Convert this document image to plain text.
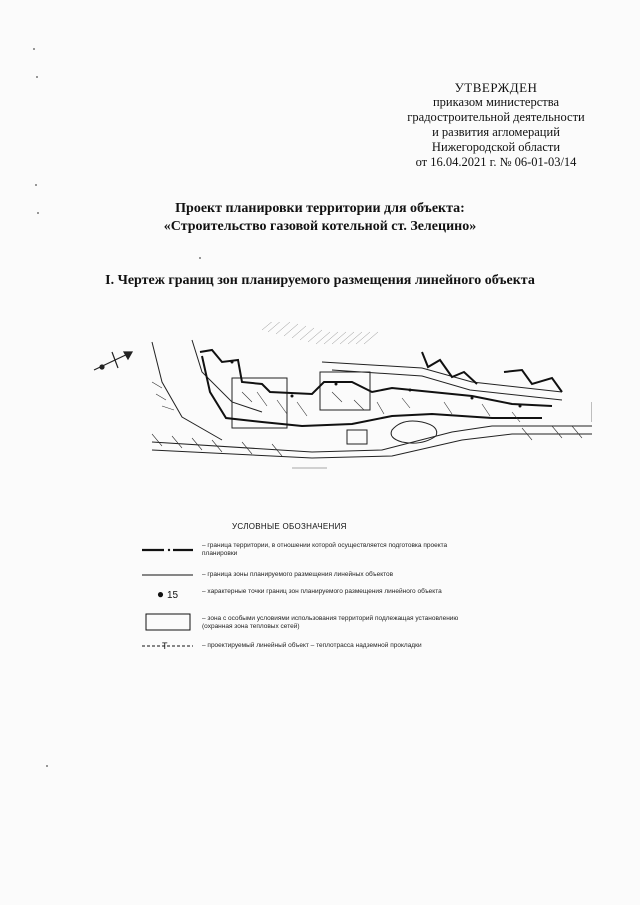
УТВЕРЖДЕН
приказом министерства
градостроительной деятельности
и развития агломераций
Нижегородской области
от 16.04.2021 г. № 06-01-03/14
Проект планировки территории для объекта:
«Строительство газовой котельной ст. Зелецино»
I. Чертеж границ зон планируемого размещения линейного объекта
УСЛОВНЫЕ ОБОЗНАЧЕНИЯ
– граница территории, в отношении которой осуществляется подготовка проекта планировки
– граница зоны планируемого размещения линейных объектов
● 15	– характерные точки границ зон планируемого размещения линейного объекта
– зона с особыми условиями использования территорий подлежащая установлению (охранная зона тепловых сетей)
Т	– проектируемый линейный объект – теплотрасса надземной прокладки
